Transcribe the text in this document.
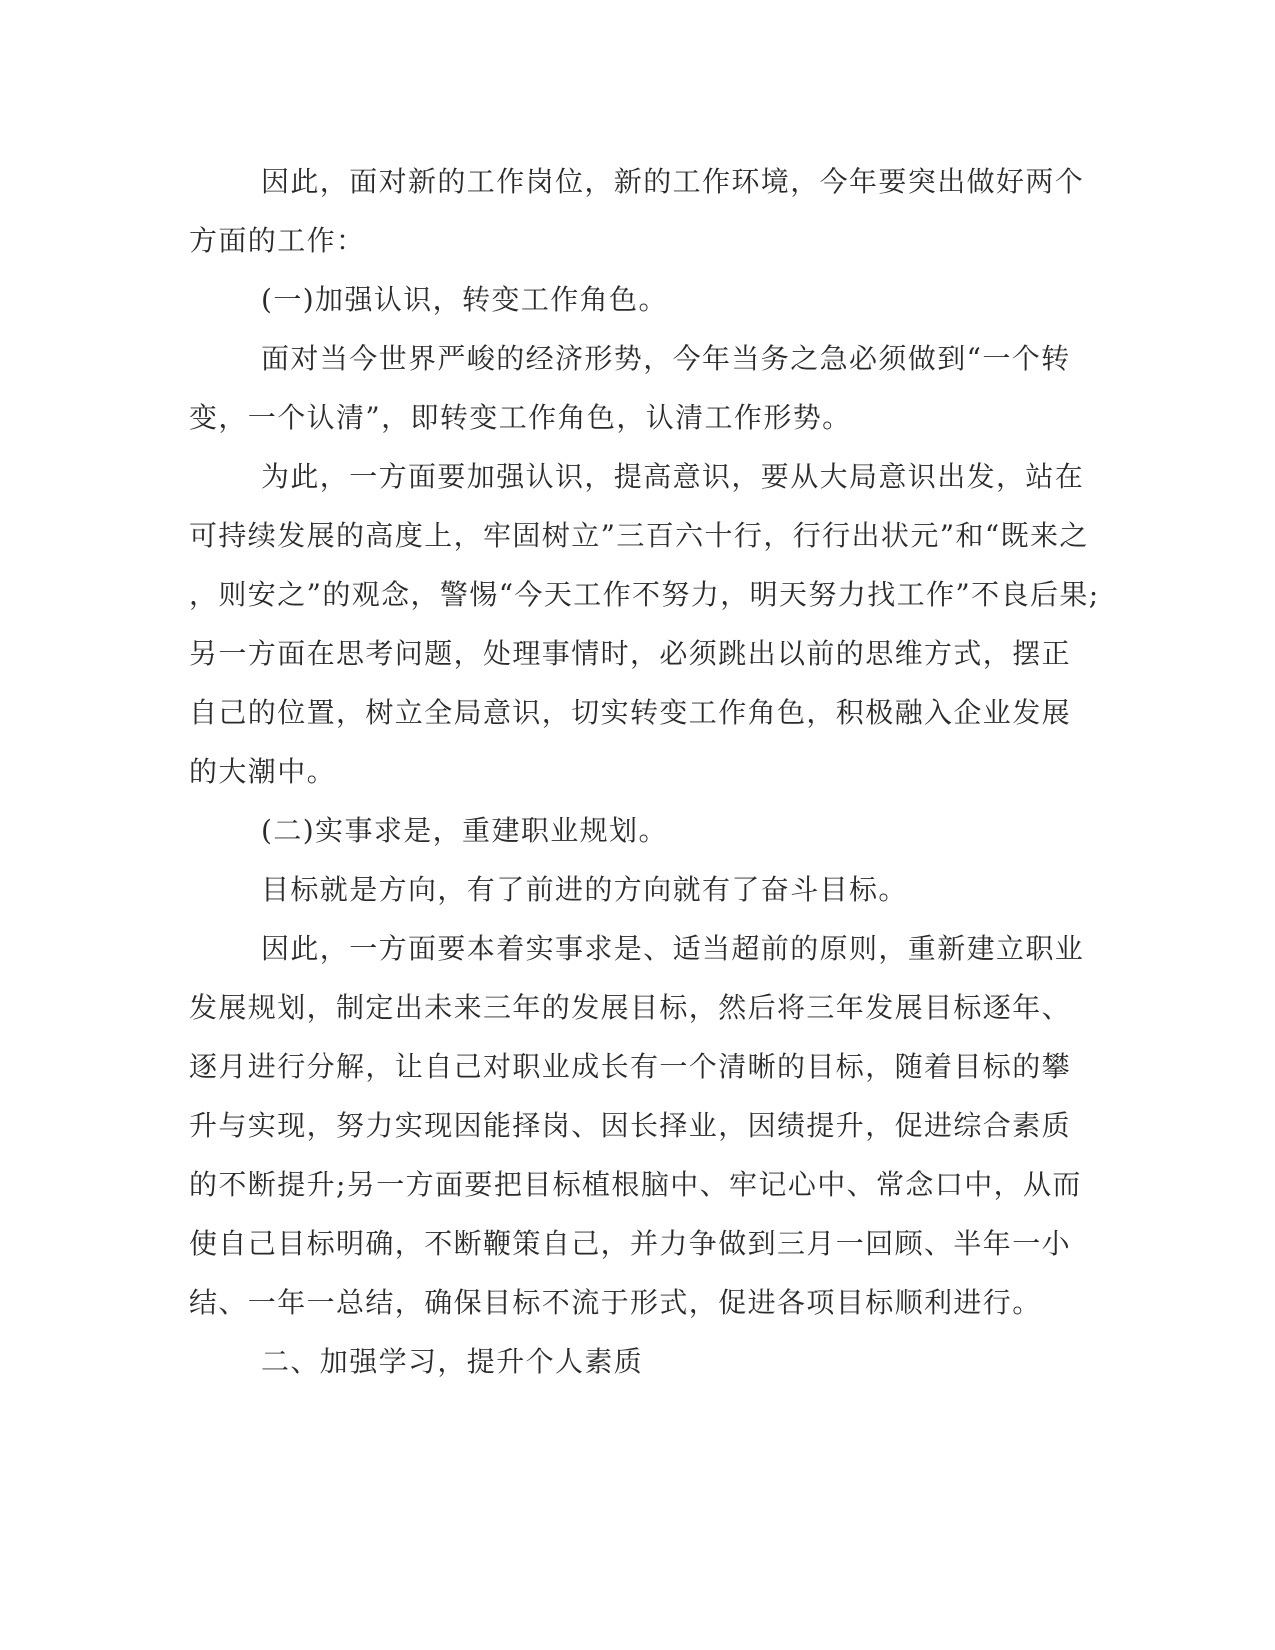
因此，面对新的工作岗位，新的工作环境，今年要突出做好两个
方面的工作：
(一)加强认识，转变工作角色。
面对当今世界严峻的经济形势，今年当务之急必须做到“一个转
变，一个认清”，即转变工作角色，认清工作形势。
为此，一方面要加强认识，提高意识，要从大局意识出发，站在
可持续发展的高度上，牢固树立”三百六十行，行行出状元”和“既来之
，则安之”的观念，警惕“今天工作不努力，明天努力找工作”不良后果;
另一方面在思考问题，处理事情时，必须跳出以前的思维方式，摆正
自己的位置，树立全局意识，切实转变工作角色，积极融入企业发展
的大潮中。
(二)实事求是，重建职业规划。
目标就是方向，有了前进的方向就有了奋斗目标。
因此，一方面要本着实事求是、适当超前的原则，重新建立职业
发展规划，制定出未来三年的发展目标，然后将三年发展目标逐年、
逐月进行分解，让自己对职业成长有一个清晰的目标，随着目标的攀
升与实现，努力实现因能择岗、因长择业，因绩提升，促进综合素质
的不断提升;另一方面要把目标植根脑中、牢记心中、常念口中，从而
使自己目标明确，不断鞭策自己，并力争做到三月一回顾、半年一小
结、一年一总结，确保目标不流于形式，促进各项目标顺利进行。
二、加强学习，提升个人素质
